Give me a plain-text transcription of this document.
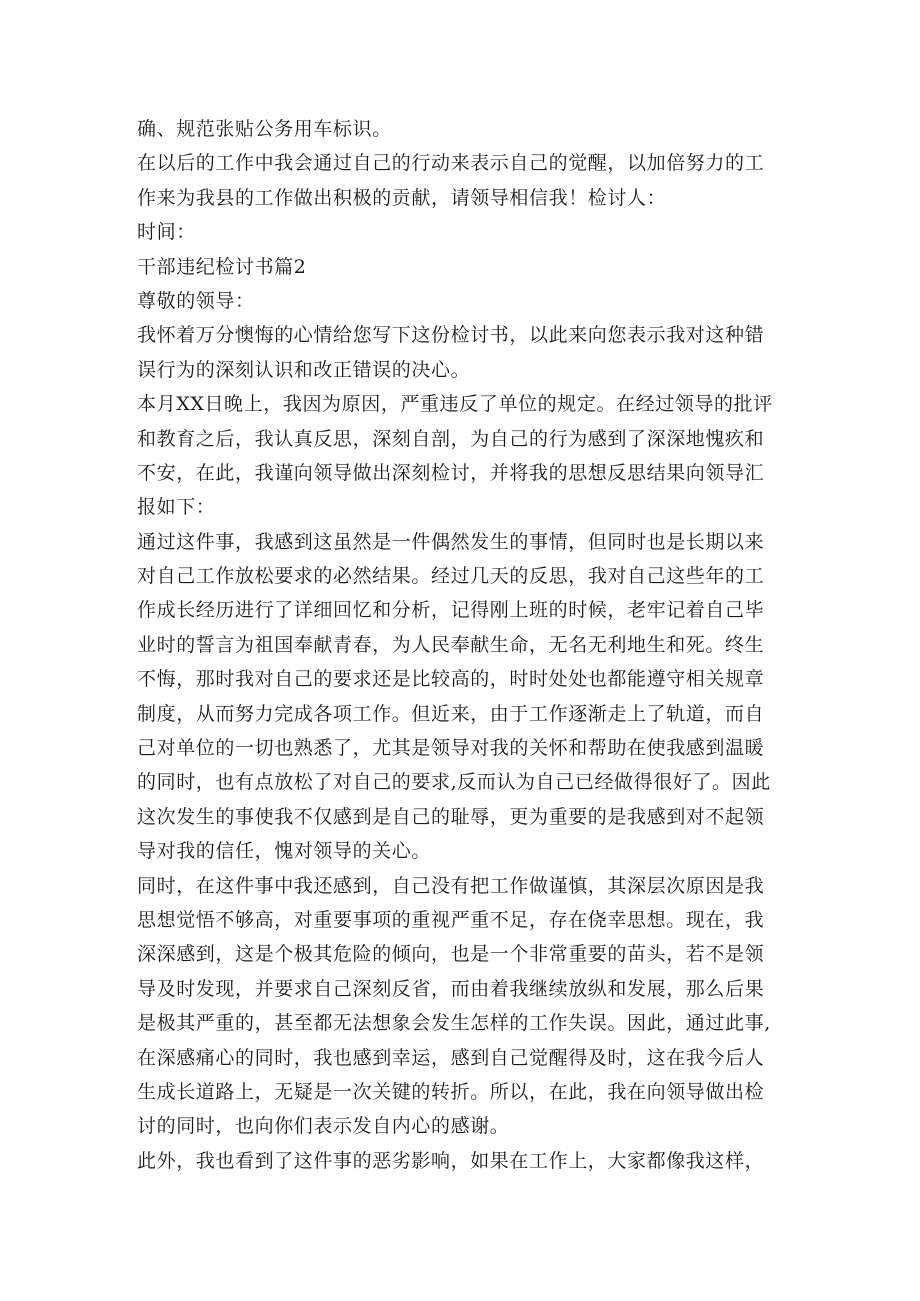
确、规范张贴公务用车标识。
在以后的工作中我会通过自己的行动来表示自己的觉醒，以加倍努力的工
作来为我县的工作做出积极的贡献，请领导相信我！检讨人：
时间：
干部违纪检讨书篇2
尊敬的领导：
我怀着万分懊悔的心情给您写下这份检讨书，以此来向您表示我对这种错
误行为的深刻认识和改正错误的决心。
本月XX日晚上，我因为原因，严重违反了单位的规定。在经过领导的批评
和教育之后，我认真反思，深刻自剖，为自己的行为感到了深深地愧疚和
不安，在此，我谨向领导做出深刻检讨，并将我的思想反思结果向领导汇
报如下：
通过这件事，我感到这虽然是一件偶然发生的事情，但同时也是长期以来
对自己工作放松要求的必然结果。经过几天的反思，我对自己这些年的工
作成长经历进行了详细回忆和分析，记得刚上班的时候，老牢记着自己毕
业时的誓言为祖国奉献青春，为人民奉献生命，无名无利地生和死。终生
不悔，那时我对自己的要求还是比较高的，时时处处也都能遵守相关规章
制度，从而努力完成各项工作。但近来，由于工作逐渐走上了轨道，而自
己对单位的一切也熟悉了，尤其是领导对我的关怀和帮助在使我感到温暖
的同时，也有点放松了对自己的要求,反而认为自己已经做得很好了。因此
这次发生的事使我不仅感到是自己的耻辱，更为重要的是我感到对不起领
导对我的信任，愧对领导的关心。
同时，在这件事中我还感到，自己没有把工作做谨慎，其深层次原因是我
思想觉悟不够高，对重要事项的重视严重不足，存在侥幸思想。现在，我
深深感到，这是个极其危险的倾向，也是一个非常重要的苗头，若不是领
导及时发现，并要求自己深刻反省，而由着我继续放纵和发展，那么后果
是极其严重的，甚至都无法想象会发生怎样的工作失误。因此，通过此事,
在深感痛心的同时，我也感到幸运，感到自己觉醒得及时，这在我今后人
生成长道路上，无疑是一次关键的转折。所以，在此，我在向领导做出检
讨的同时，也向你们表示发自内心的感谢。
此外，我也看到了这件事的恶劣影响，如果在工作上，大家都像我这样，
